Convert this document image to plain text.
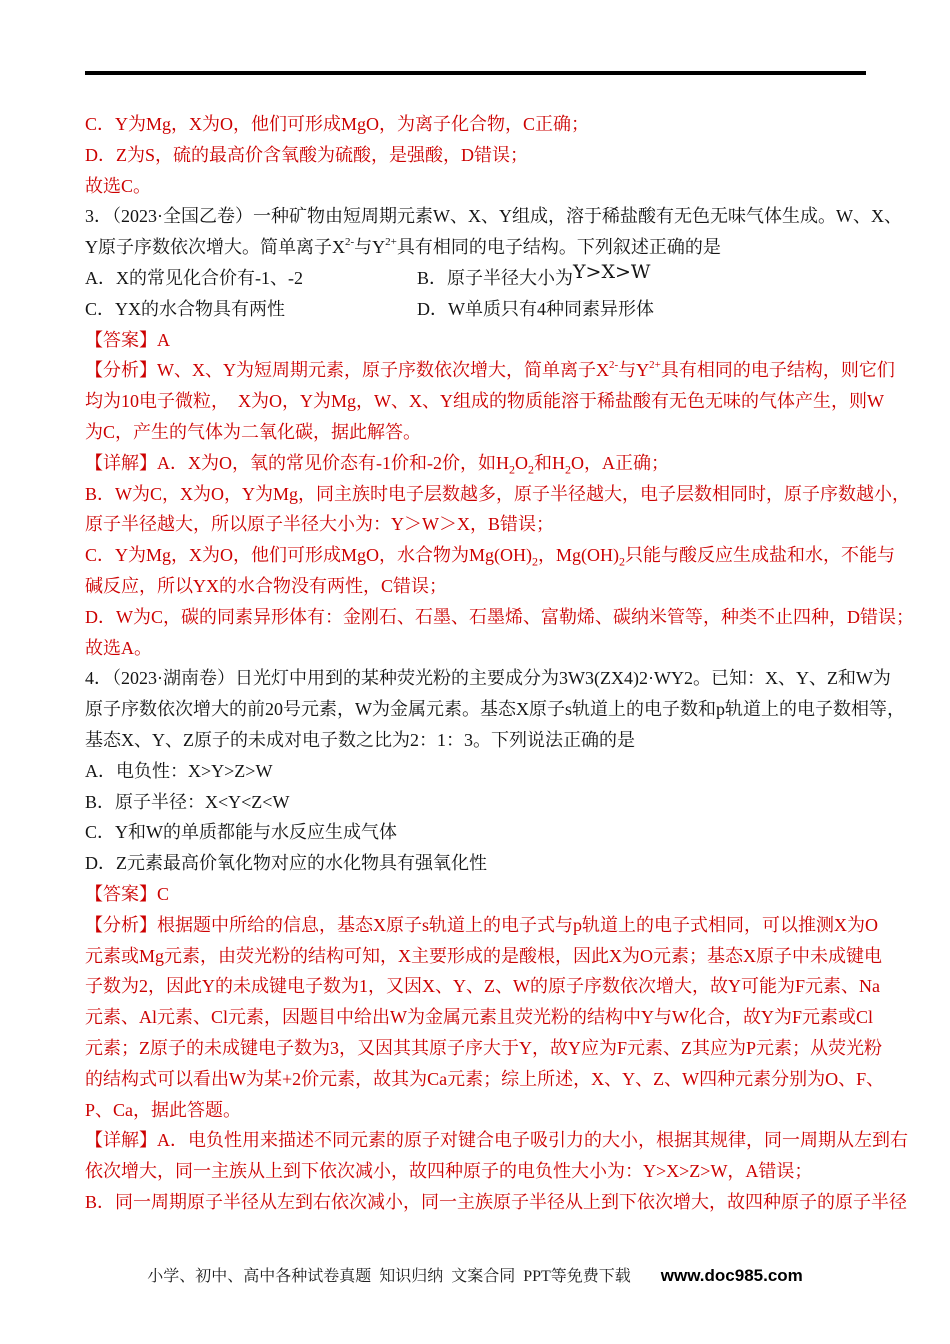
C．Y为Mg，X为O，他们可形成MgO，为离子化合物，C正确；
D．Z为S，硫的最高价含氧酸为硫酸，是强酸，D错误；
故选C。
3．（2023·全国乙卷）一种矿物由短周期元素W、X、Y组成，溶于稀盐酸有无色无味气体生成。W、X、
Y原子序数依次增大。简单离子$X^{2-}$与$Y^{2+}$具有相同的电子结构。下列叙述正确的是
A．X的常见化合价有-1、-2	B．原子半径大小为Y>X>W
C．YX的水合物具有两性	D．W单质只有4种同素异形体
【答案】A
【分析】W、X、Y为短周期元素，原子序数依次增大，简单离子$X^{2-}$与$Y^{2+}$具有相同的电子结构，则它们
均为10电子微粒，  X为O，Y为Mg，W、X、Y组成的物质能溶于稀盐酸有无色无味的气体产生，则W
为C，产生的气体为二氧化碳，据此解答。
【详解】A．X为O，氧的常见价态有-1价和-2价，如$H_2O_2$和$H_2O$，A正确；
B．W为C，X为O，Y为Mg，同主族时电子层数越多，原子半径越大，电子层数相同时，原子序数越小，
原子半径越大，所以原子半径大小为：Y＞W＞X，B错误；
C．Y为Mg，X为O，他们可形成MgO，水合物为$Mg(OH)_2$，$Mg(OH)_2$只能与酸反应生成盐和水，不能与
碱反应，所以YX的水合物没有两性，C错误；
D．W为C，碳的同素异形体有：金刚石、石墨、石墨烯、富勒烯、碳纳米管等，种类不止四种，D错误；
故选A。
4．（2023·湖南卷）日光灯中用到的某种荧光粉的主要成分为3W3(ZX4)2·WY2。已知：X、Y、Z和W为
原子序数依次增大的前20号元素，W为金属元素。基态X原子s轨道上的电子数和p轨道上的电子数相等，
基态X、Y、Z原子的未成对电子数之比为2：1：3。下列说法正确的是
A．电负性：X>Y>Z>W
B．原子半径：X<Y<Z<W
C．Y和W的单质都能与水反应生成气体
D．Z元素最高价氧化物对应的水化物具有强氧化性
【答案】C
【分析】根据题中所给的信息，基态X原子s轨道上的电子式与p轨道上的电子式相同，可以推测X为O
元素或Mg元素，由荧光粉的结构可知，X主要形成的是酸根，因此X为O元素；基态X原子中未成键电
子数为2，因此Y的未成键电子数为1，又因X、Y、Z、W的原子序数依次增大，故Y可能为F元素、Na
元素、Al元素、Cl元素，因题目中给出W为金属元素且荧光粉的结构中Y与W化合，故Y为F元素或Cl
元素；Z原子的未成键电子数为3，又因其其原子序大于Y，故Y应为F元素、Z其应为P元素；从荧光粉
的结构式可以看出W为某+2价元素，故其为Ca元素；综上所述，X、Y、Z、W四种元素分别为O、F、
P、Ca，据此答题。
【详解】A．电负性用来描述不同元素的原子对键合电子吸引力的大小，根据其规律，同一周期从左到右
依次增大，同一主族从上到下依次减小，故四种原子的电负性大小为：Y>X>Z>W，A错误；
B．同一周期原子半径从左到右依次减小，同一主族原子半径从上到下依次增大，故四种原子的原子半径
小学、初中、高中各种试卷真题  知识归纳  文案合同  PPT等免费下载 www.doc985.com
